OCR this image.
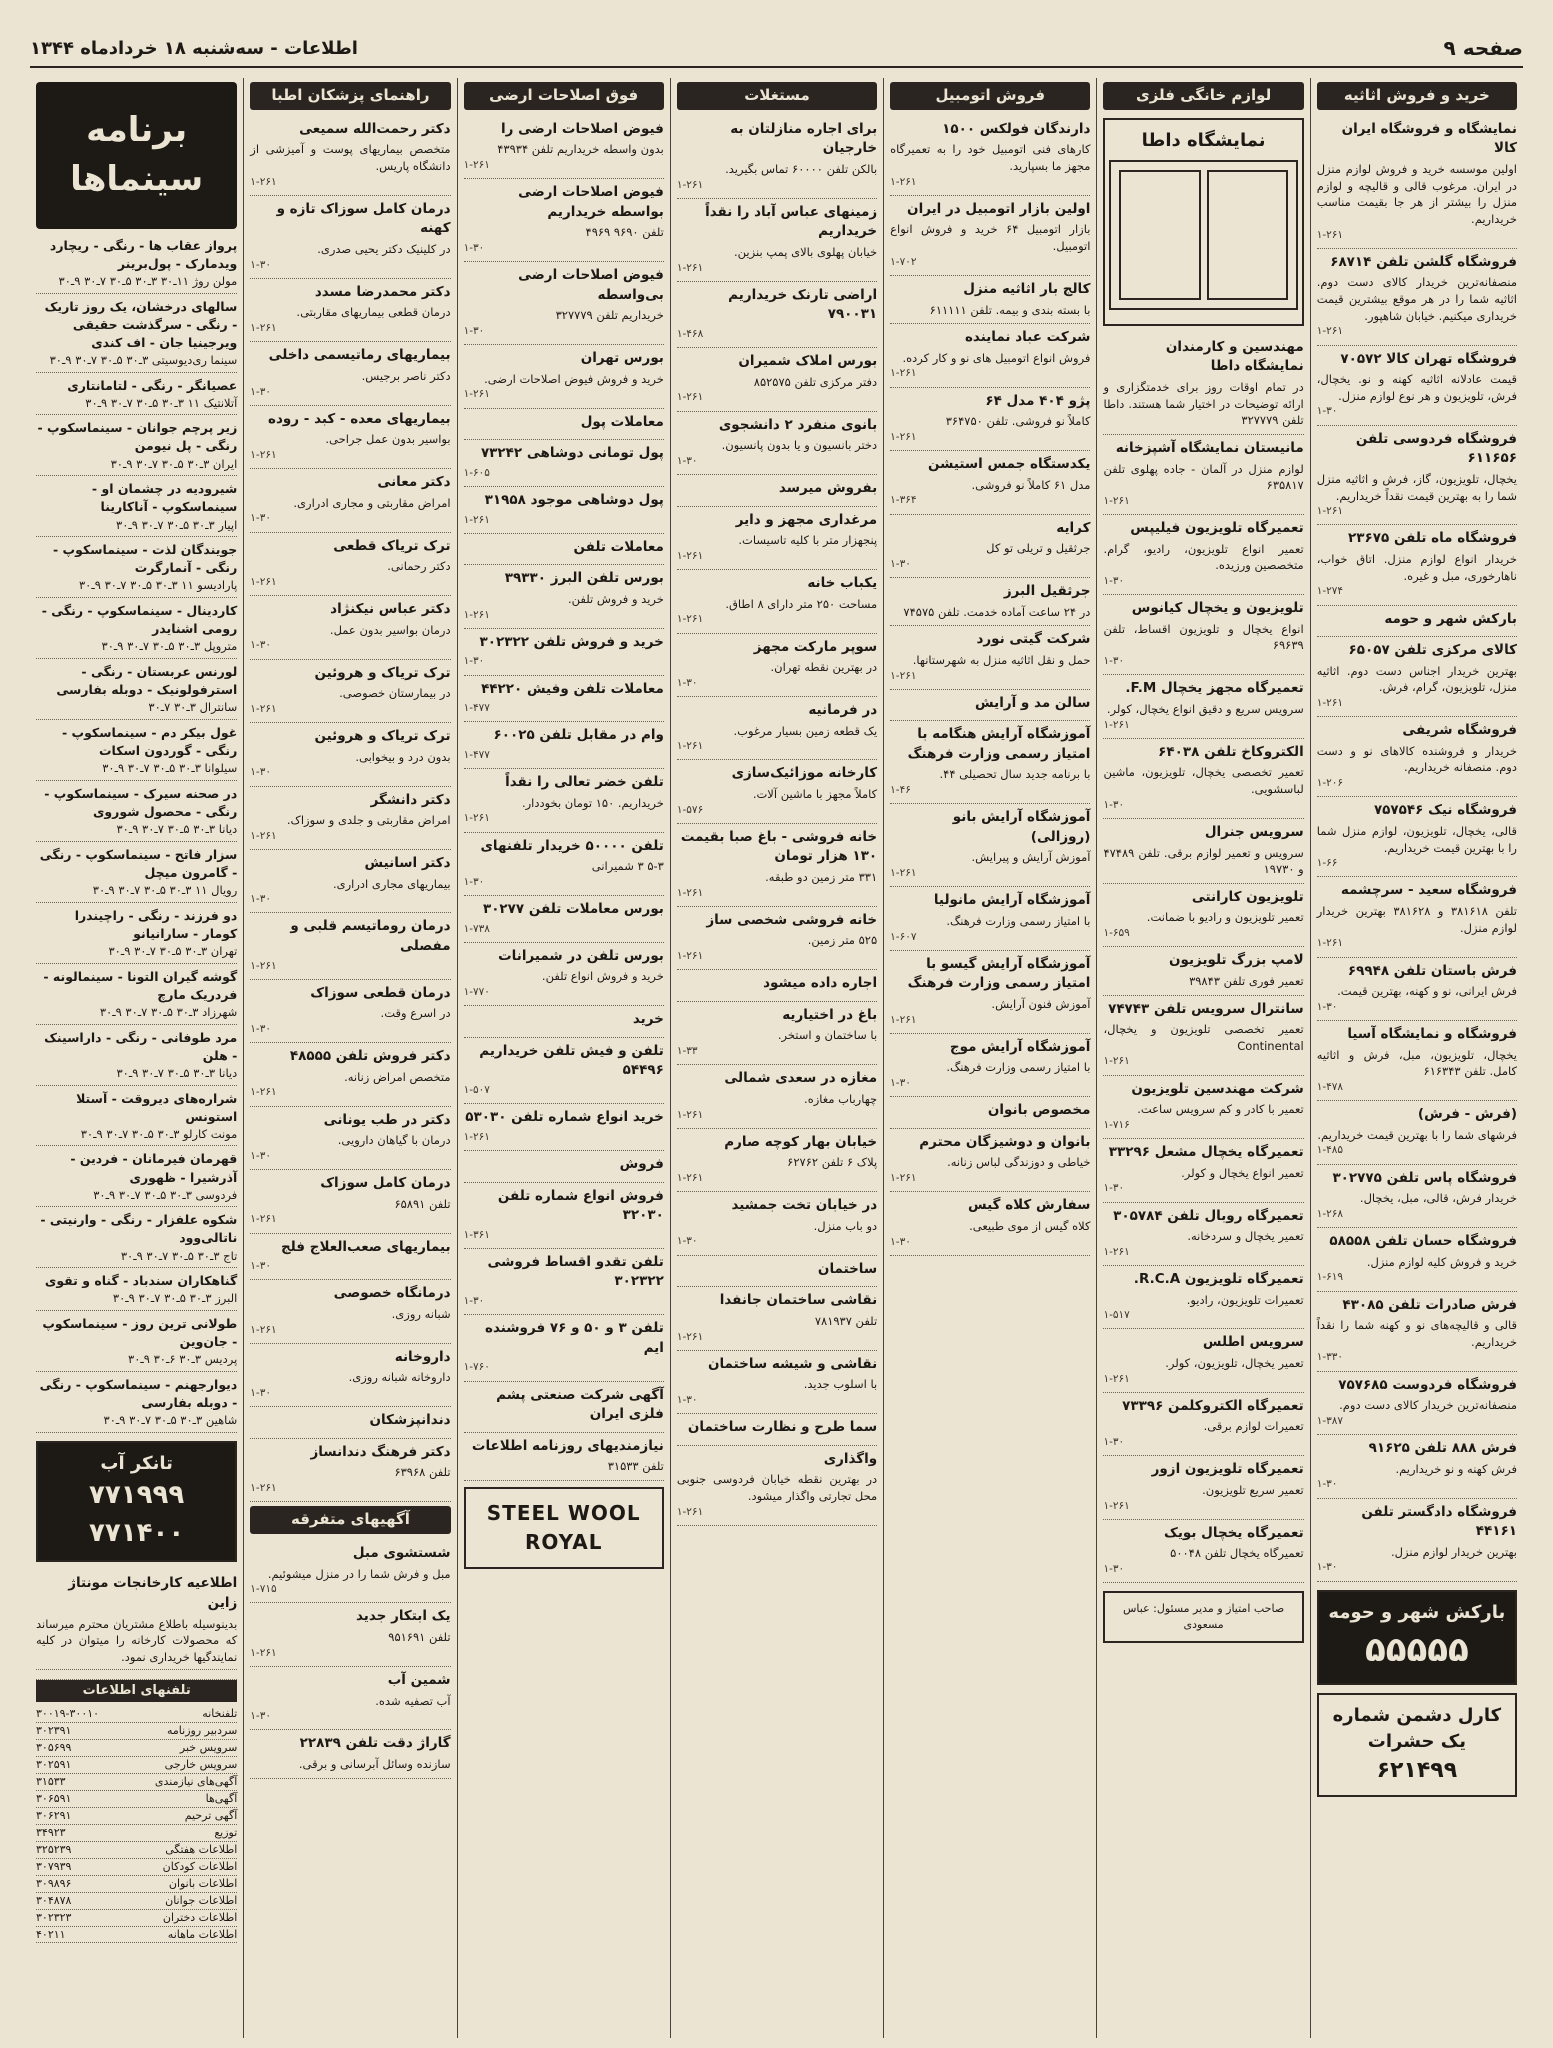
صفحه ۹
اطلاعات - سه‌شنبه ۱۸ خردادماه ۱۳۴۴
خرید و فروش اثاثیه
نمایشگاه و فروشگاه ایران کالا

اولین موسسه خرید و فروش لوازم منزل در ایران. مرغوب قالی و قالیچه و لوازم منزل را بیشتر از هر جا بقیمت مناسب خریداریم.

۱-۲۶۱
فروشگاه گلشن تلفن ۶۸۷۱۴

منصفانه‌ترین خریدار کالای دست دوم. اثاثیه شما را در هر موقع بیشترین قیمت خریداری میکنیم. خیابان شاهپور.

۱-۲۶۱
فروشگاه تهران کالا ۷۰۵۷۲

قیمت عادلانه اثاثیه کهنه و نو. یخچال، فرش، تلویزیون و هر نوع لوازم منزل.

۱-۳۰
فروشگاه فردوسی تلفن ۶۱۱۶۵۶

یخچال، تلویزیون، گاز، فرش و اثاثیه منزل شما را به بهترین قیمت نقداً خریداریم.

۱-۲۶۱
فروشگاه ماه تلفن ۲۳۶۷۵

خریدار انواع لوازم منزل. اتاق خواب، ناهارخوری، مبل و غیره.

۱-۲۷۴
بارکش شهر و حومه

کالای مرکزی تلفن ۶۵۰۵۷

بهترین خریدار اجناس دست دوم. اثاثیه منزل، تلویزیون، گرام، فرش.

۱-۲۶۱
فروشگاه شریفی

خریدار و فروشنده کالاهای نو و دست دوم. منصفانه خریداریم.

۱-۲۰۶
فروشگاه نیک ۷۵۷۵۴۶

قالی، یخچال، تلویزیون، لوازم منزل شما را با بهترین قیمت خریداریم.

۱-۶۶
فروشگاه سعید - سرچشمه

تلفن ۳۸۱۶۱۸ و ۳۸۱۶۲۸ بهترین خریدار لوازم منزل.

۱-۲۶۱
فرش باستان تلفن ۶۹۹۴۸

فرش ایرانی، نو و کهنه، بهترین قیمت.

۱-۳۰
فروشگاه و نمایشگاه آسیا

یخچال، تلویزیون، مبل، فرش و اثاثیه کامل. تلفن ۶۱۶۳۴۳

۱-۴۷۸
(فرش - فرش)

فرشهای شما را با بهترین قیمت خریداریم.

۱-۴۸۵
فروشگاه پاس تلفن ۳۰۲۷۷۵

خریدار فرش، قالی، مبل، یخچال.

۱-۲۶۸
فروشگاه حسان تلفن ۵۸۵۵۸

خرید و فروش کلیه لوازم منزل.

۱-۶۱۹
فرش صادرات تلفن ۴۳۰۸۵

قالی و قالیچه‌های نو و کهنه شما را نقداً خریداریم.

۱-۳۳۰
فروشگاه فردوست ۷۵۷۶۸۵

منصفانه‌ترین خریدار کالای دست دوم.

۱-۳۸۷
فرش ۸۸۸ تلفن ۹۱۶۲۵

فرش کهنه و نو خریداریم.

۱-۳۰
فروشگاه دادگستر تلفن ۴۴۱۶۱

بهترین خریدار لوازم منزل.

۱-۳۰
بارکش شهر و حومه
۵۵۵۵۵
کارل دشمن شماره یک حشرات
۶۲۱۴۹۹
لوازم خانگی فلزی
نمایشگاه داطا
مهندسین و کارمندان نمایشگاه داطا

در تمام اوقات روز برای خدمتگزاری و ارائه توضیحات در اختیار شما هستند. داطا تلفن ۳۲۷۷۷۹

مانیستان نمایشگاه آشپزخانه

لوازم منزل در آلمان - جاده پهلوی تلفن ۶۳۵۸۱۷

۱-۲۶۱
تعمیرگاه تلویزیون فیلیپس

تعمیر انواع تلویزیون، رادیو، گرام. متخصصین ورزیده.

۱-۳۰
تلویزیون و یخچال کیانوس

انواع یخچال و تلویزیون اقساط، تلفن ۶۹۶۳۹

۱-۳۰
تعمیرگاه مجهز یخچال F.M.

سرویس سریع و دقیق انواع یخچال، کولر.

۱-۲۶۱
الکتروکاخ تلفن ۶۴۰۳۸

تعمیر تخصصی یخچال، تلویزیون، ماشین لباسشویی.

۱-۳۰
سرویس جنرال

سرویس و تعمیر لوازم برقی. تلفن ۴۷۴۸۹ و ۱۹۷۳۰

تلویزیون کارانتی

تعمیر تلویزیون و رادیو با ضمانت.

۱-۶۵۹
لامپ بزرگ تلویزیون

تعمیر فوری تلفن ۳۹۸۴۳

سانترال سرویس تلفن ۷۴۷۴۳

تعمیر تخصصی تلویزیون و یخچال، Continental

۱-۲۶۱
شرکت مهندسین تلویزیون

تعمیر با کادر و کم سرویس ساعت.

۱-۷۱۶
تعمیرگاه یخچال مشعل ۳۳۲۹۶

تعمیر انواع یخچال و کولر.

۱-۳۰
تعمیرگاه روبال تلفن ۳۰۵۷۸۴

تعمیر یخچال و سرد‌خانه.

۱-۲۶۱
تعمیرگاه تلویزیون R.C.A.

تعمیرات تلویزیون، رادیو.

۱-۵۱۷
سرویس اطلس

تعمیر یخچال، تلویزیون، کولر.

۱-۲۶۱
تعمیرگاه الکتروکلمن ۷۳۳۹۶

تعمیرات لوازم برقی.

۱-۳۰
تعمیرگاه تلویزیون ازور

تعمیر سریع تلویزیون.

۱-۲۶۱
تعمیرگاه یخچال بویک

تعمیرگاه یخچال تلفن ۵۰۰۴۸

۱-۳۰
صاحب امتیاز و مدیر مسئول: عباس مسعودی
فروش اتومبیل
دارندگان فولکس ۱۵۰۰

کارهای فنی اتومبیل خود را به تعمیرگاه مجهز ما بسپارید.

۱-۲۶۱
اولین بازار اتومبیل در ایران

بازار اتومبیل ۶۴ خرید و فروش انواع اتومبیل.

۱-۷۰۲
کالج بار اثاثیه منزل

با بسته بندی و بیمه. تلفن ۶۱۱۱۱۱

شرکت عباد نماینده

فروش انواع اتومبیل های نو و کار کرده.

۱-۲۶۱
پژو ۴۰۴ مدل ۶۴

کاملاً نو فروشی. تلفن ۳۶۴۷۵۰

۱-۲۶۱
یکدستگاه جمس استیشن

مدل ۶۱ کاملاً نو فروشی.

۱-۳۶۴
کرایه

جرثقیل و تریلی تو کل

۱-۳۰
جرثقیل البرز

در ۲۴ ساعت آماده خدمت. تلفن ۷۴۵۷۵

شرکت گیتی نورد

حمل و نقل اثاثیه منزل به شهرستانها.

۱-۲۶۱
سالن مد و آرایش

آموزشگاه آرایش هنگامه با امتیاز رسمی وزارت فرهنگ

با برنامه جدید سال تحصیلی ۴۴.

۱-۴۶
آموزشگاه آرایش بانو (روزالی)

آموزش آرایش و پیرایش.

۱-۲۶۱
آموزشگاه آرایش مانولیا

با امتیاز رسمی وزارت فرهنگ.

۱-۶۰۷
آموزشگاه آرایش گیسو با امتیاز رسمی وزارت فرهنگ

آموزش فنون آرایش.

۱-۲۶۱
آموزشگاه آرایش موج

با امتیاز رسمی وزارت فرهنگ.

۱-۳۰
مخصوص بانوان

بانوان و دوشیزگان محترم

خیاطی و دوزندگی لباس زنانه.

۱-۲۶۱
سفارش کلاه گیس

کلاه گیس از موی طبیعی.

۱-۳۰
مستغلات
برای اجاره منازلتان به خارجیان

بالکن تلفن ۶۰۰۰۰ تماس بگیرید.

۱-۲۶۱
زمینهای عباس آباد را نقداً خریداریم

خیابان پهلوی بالای پمپ بنزین.

۱-۲۶۱
اراضی تارنک خریداریم ۷۹۰۰۳۱

۱-۴۶۸
بورس املاک شمیران

دفتر مرکزی تلفن ۸۵۲۵۷۵

۱-۲۶۱
بانوی منفرد ۲ دانشجوی

دختر بانسیون و یا بدون پانسیون.

۱-۳۰
بفروش میرسد

مرغداری مجهز و دایر

پنجهزار متر با کلیه تاسیسات.

۱-۲۶۱
یکباب خانه

مساحت ۲۵۰ متر دارای ۸ اطاق.

۱-۲۶۱
سوپر مارکت مجهز

در بهترین نقطه تهران.

۱-۳۰
در فرمانیه

یک قطعه زمین بسیار مرغوب.

۱-۲۶۱
کارخانه موزائیک‌سازی

کاملاً مجهز با ماشین آلات.

۱-۵۷۶
خانه فروشی - باغ صبا بقیمت ۱۳۰ هزار تومان

۳۳۱ متر زمین دو طبقه.

۱-۲۶۱
خانه فروشی شخصی ساز

۵۲۵ متر زمین.

۱-۲۶۱
اجاره داده میشود

باغ در اختیاریه

با ساختمان و استخر.

۱-۳۳
مغازه در سعدی شمالی

چهارباب مغازه.

۱-۲۶۱
خیابان بهار کوچه صارم

پلاک ۶ تلفن ۶۲۷۶۲

۱-۲۶۱
در خیابان تخت جمشید

دو باب منزل.

۱-۳۰
ساختمان

نقاشی ساختمان جانفدا

تلفن ۷۸۱۹۳۷

۱-۲۶۱
نقاشی و شیشه ساختمان

با اسلوب جدید.

۱-۳۰
سما طرح و نظارت ساختمان

واگذاری

در بهترین نقطه خیابان فردوسی جنوبی محل تجارتی واگذار میشود.

۱-۲۶۱
فوق اصلاحات ارضی
فیوض اصلاحات ارضی را

بدون واسطه خریداریم تلفن ۴۳۹۳۴

۱-۲۶۱
فیوض اصلاحات ارضی بواسطه خریداریم

تلفن ۹۶۹۰ ۴۹۶۹

۱-۳۰
فیوض اصلاحات ارضی بی‌واسطه

خریداریم تلفن ۳۲۷۷۷۹

۱-۳۰
بورس تهران

خرید و فروش فیوض اصلاحات ارضی.

۱-۲۶۱
معاملات پول

پول تومانی دوشاهی ۷۳۲۴۲

۱-۶۰۵
پول دوشاهی موجود ۳۱۹۵۸

۱-۲۶۱
معاملات تلفن

بورس تلفن البرز ۳۹۳۳۰

خرید و فروش تلفن.

۱-۲۶۱
خرید و فروش تلفن ۳۰۲۳۲۲

۱-۳۰
معاملات تلفن وفیش ۴۴۲۲۰

۱-۴۷۷
وام در مقابل تلفن ۶۰۰۲۵

۱-۴۷۷
تلفن خضر تعالی را نقداً

خریداریم. ۱۵۰ تومان بخوددار.

۱-۲۶۱
تلفن ۵۰۰۰۰ خریدار تلفنهای

۵-۳ ۳ شمیرانی

۱-۳۰
بورس معاملات تلفن ۳۰۲۷۷

۱-۷۳۸
بورس تلفن در شمیرانات

خرید و فروش انواع تلفن.

۱-۷۷۰
خرید

تلفن و فیش تلفن خریداریم ۵۴۴۹۶

۱-۵۰۷
خرید انواع شماره تلفن ۵۳۰۳۰

۱-۲۶۱
فروش

فروش انواع شماره تلفن ۳۲۰۳۰

۱-۳۶۱
تلفن تقدو اقساط فروشی ۳۰۲۳۲۲

۱-۳۰
تلفن ۳ و ۵۰ و ۷۶ فروشنده ایم

۱-۷۶۰
آگهی شرکت صنعتی پشم فلزی ایران

نیازمندیهای روزنامه اطلاعات

تلفن ۳۱۵۳۳

STEEL WOOL
ROYAL
راهنمای پزشکان اطبا
دکتر رحمت‌الله سمیعی

متخصص بیماریهای پوست و آمیزشی از دانشگاه پاریس.

۱-۲۶۱
درمان کامل سوزاک تازه و کهنه

در کلینیک دکتر یحیی صدری.

۱-۳۰
دکتر محمدرضا مسدد

درمان قطعی بیماریهای مقاربتی.

۱-۲۶۱
بیماریهای رماتیسمی داخلی

دکتر ناصر برجیس.

۱-۳۰
بیماریهای معده - کبد - روده

بواسیر بدون عمل جراحی.

۱-۲۶۱
دکتر معانی

امراض مقاربتی و مجاری ادراری.

۱-۳۰
ترک تریاک قطعی

دکتر رحمانی.

۱-۲۶۱
دکتر عباس نیکنژاد

درمان بواسیر بدون عمل.

۱-۳۰
ترک تریاک و هروئین

در بیمارستان خصوصی.

۱-۲۶۱
ترک تریاک و هروئین

بدون درد و بیخوابی.

۱-۳۰
دکتر دانشگر

امراض مقاربتی و جلدی و سوزاک.

۱-۲۶۱
دکتر اسانیش

بیماریهای مجاری ادراری.

۱-۳۰
درمان روماتیسم قلبی و مفصلی

۱-۲۶۱
درمان قطعی سوزاک

در اسرع وقت.

۱-۳۰
دکتر فروش تلفن ۴۸۵۵۵

متخصص امراض زنانه.

۱-۲۶۱
دکتر در طب یونانی

درمان با گیاهان دارویی.

۱-۳۰
درمان کامل سوزاک

تلفن ۶۵۸۹۱

۱-۲۶۱
بیماریهای صعب‌العلاج فلج

۱-۳۰
درمانگاه خصوصی

شبانه روزی.

۱-۲۶۱
داروخانه

داروخانه شبانه روزی.

۱-۳۰
دندانپزشکان

دکتر فرهنگ دندانساز

تلفن ۶۳۹۶۸

۱-۲۶۱
آگهیهای متفرقه
شستشوی مبل

مبل و فرش شما را در منزل میشوئیم.

۱-۷۱۵
یک ابتکار جدید

تلفن ۹۵۱۶۹۱

۱-۲۶۱
شمین آب

آب تصفیه شده.

۱-۳۰
گاراژ دقت تلفن ۲۲۸۳۹

سازنده وسائل آبرسانی و برقی.

برنامه سینماها

پرواز عقاب ها - رنگی - ریچارد ویدمارک - پول‌برینر
مولن روژ ۱۱ـ۳۰ ۳ـ۳۰ ۵ـ۳۰ ۷ـ۳۰ ۹ـ۳۰

سالهای درخشان، یک روز تاریک - رنگی - سرگذشت حقیقی ویرجینیا جان - اف کندی
سینما ری‌دیوسیتی ۳ـ۳۰ ۵ـ۳۰ ۷ـ۳۰ ۹ـ۳۰

عصیانگر - رنگی - لتامانتاری
آتلانتیک ۱۱ ۳ـ۳۰ ۵ـ۳۰ ۷ـ۳۰ ۹ـ۳۰

زیر پرچم جوانان - سینماسکوپ - رنگی - پل نیومن
ایران ۳ـ۳۰ ۵ـ۳۰ ۷ـ۳۰ ۹ـ۳۰

شیرودیه در چشمان او - سینماسکوپ - آناکارینا
اپیار ۳ـ۳۰ ۵ـ۳۰ ۷ـ۳۰ ۹ـ۳۰

جویندگان لذت - سینماسکوپ - رنگی - آنمارگرت
پارادیسو ۱۱ ۳ـ۳۰ ۵ـ۳۰ ۷ـ۳۰ ۹ـ۳۰

کاردینال - سینماسکوپ - رنگی - رومی اشنایدر
متروپل ۳ـ۳۰ ۵ـ۳۰ ۷ـ۳۰ ۹ـ۳۰

لورنس عربستان - رنگی - استرفولونیک - دوبله بفارسی
سانترال ۳ـ۳۰ ۷ـ۳۰

غول بیکر دم - سینماسکوپ - رنگی - گوردون اسکات
سیلوانا ۳ـ۳۰ ۵ـ۳۰ ۷ـ۳۰ ۹ـ۳۰

در صحنه سیرک - سینماسکوپ - رنگی - محصول شوروی
دیانا ۳ـ۳۰ ۵ـ۳۰ ۷ـ۳۰ ۹ـ۳۰

سزار فاتح - سینماسکوپ - رنگی - گامرون میچل
رویال ۱۱ ۳ـ۳۰ ۵ـ۳۰ ۷ـ۳۰ ۹ـ۳۰

دو فرزند - رنگی - راچیندرا کومار - سارانیانو
تهران ۳ـ۳۰ ۵ـ۳۰ ۷ـ۳۰ ۹ـ۳۰

گوشه گیران التونا - سینمالونه - فردریک مارچ
شهرزاد ۳ـ۳۰ ۵ـ۳۰ ۷ـ۳۰ ۹ـ۳۰

مرد طوفانی - رنگی - داراسینک - هلن
دیانا ۳ـ۳۰ ۵ـ۳۰ ۷ـ۳۰ ۹ـ۳۰

شراره‌های دیروقت - آستلا استونس
مونت کارلو ۳ـ۳۰ ۵ـ۳۰ ۷ـ۳۰ ۹ـ۳۰

قهرمان فیرمانان - فردین - آذرشیرا - ظهوری
فردوسی ۳ـ۳۰ ۵ـ۳۰ ۷ـ۳۰ ۹ـ۳۰

شکوه علفزار - رنگی - وارنیتی - ناتالی‌وود
تاج ۳ـ۳۰ ۵ـ۳۰ ۷ـ۳۰ ۹ـ۳۰

گناهکاران سندباد - گناه و تقوی
البرز ۳ـ۳۰ ۵ـ۳۰ ۷ـ۳۰ ۹ـ۳۰

طولانی ترین روز - سینماسکوپ - جان‌وین
پردیس ۳ـ۳۰ ۶ـ۳۰ ۹ـ۳۰

دیوارجهنم - سینماسکوپ - رنگی - دوبله بفارسی
شاهین ۳ـ۳۰ ۵ـ۳۰ ۷ـ۳۰ ۹ـ۳۰

تانکر آب
۷۷۱۹۹۹
۷۷۱۴۰۰
اطلاعیه کارخانجات مونتاژ زاین

بدینوسیله باطلاع مشتریان محترم میرساند که محصولات کارخانه را میتوان در کلیه نمایندگیها خریداری نمود.

تلفنهای اطلاعات
تلفنخانه
۳۰۰۱۹-۳۰۰۱۰
سردبیر روزنامه
۳۰۲۳۹۱
سرویس خبر
۳۰۵۶۹۹
سرویس خارجی
۳۰۲۵۹۱
آگهی‌های نیازمندی
۳۱۵۳۳
آگهی‌ها
۳۰۶۵۹۱
آگهی ترحیم
۳۰۶۲۹۱
توزیع
۳۴۹۲۳
اطلاعات هفتگی
۳۲۵۲۳۹
اطلاعات کودکان
۳۰۷۹۳۹
اطلاعات بانوان
۳۰۹۸۹۶
اطلاعات جوانان
۳۰۴۸۷۸
اطلاعات دختران
۳۰۲۳۲۳
اطلاعات ماهانه
۴۰۲۱۱
